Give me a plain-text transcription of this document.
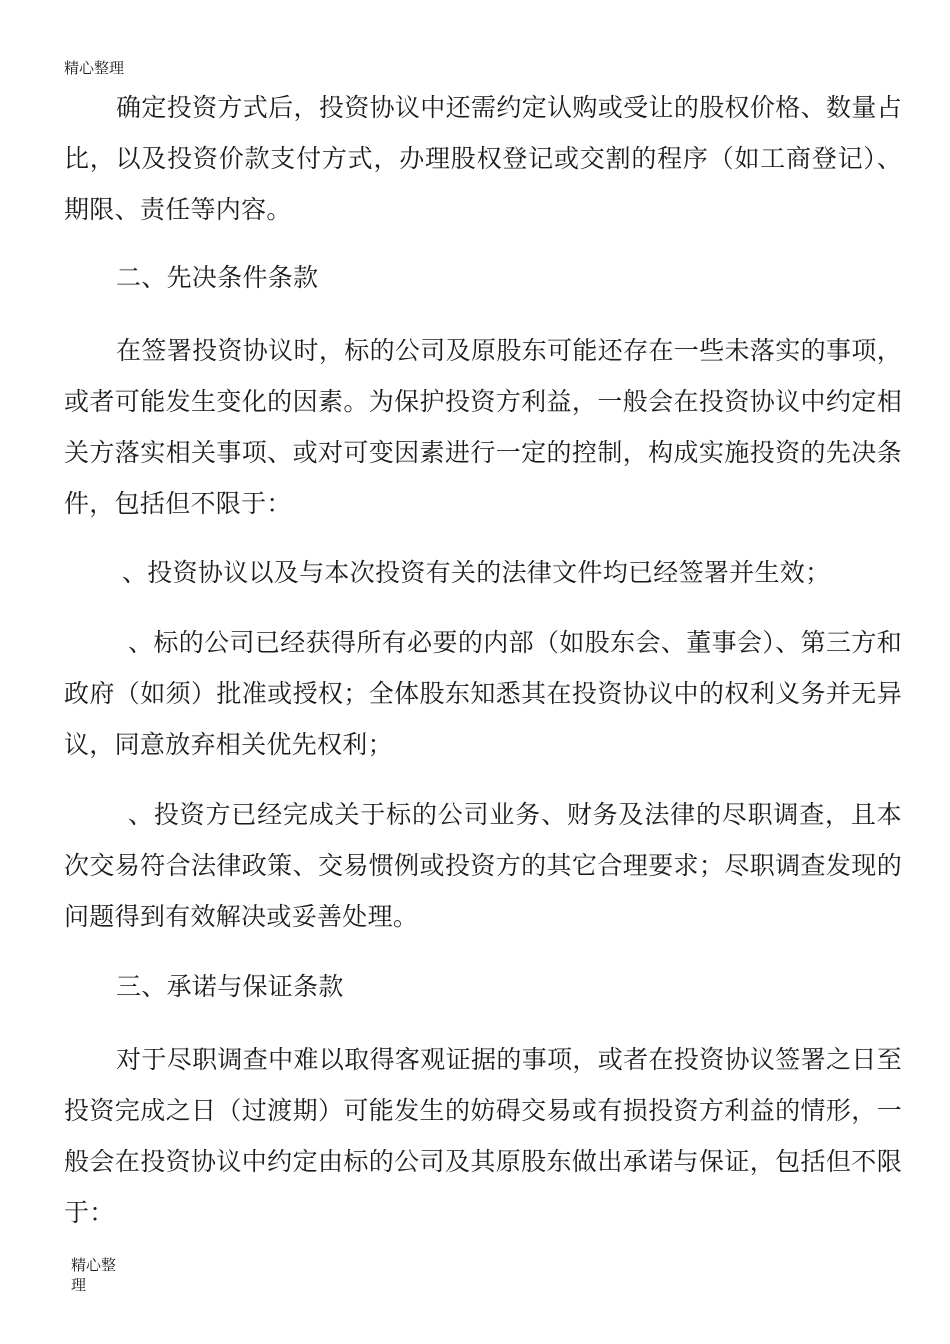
精心整理

确定投资方式后，投资协议中还需约定认购或受让的股权价格、数量占比，以及投资价款支付方式，办理股权登记或交割的程序（如工商登记）、期限、责任等内容。

二、先决条件条款

在签署投资协议时，标的公司及原股东可能还存在一些未落实的事项，或者可能发生变化的因素。为保护投资方利益，一般会在投资协议中约定相关方落实相关事项、或对可变因素进行一定的控制，构成实施投资的先决条件，包括但不限于：

、投资协议以及与本次投资有关的法律文件均已经签署并生效；

、标的公司已经获得所有必要的内部（如股东会、董事会）、第三方和政府（如须）批准或授权；全体股东知悉其在投资协议中的权利义务并无异议，同意放弃相关优先权利；

、投资方已经完成关于标的公司业务、财务及法律的尽职调查，且本次交易符合法律政策、交易惯例或投资方的其它合理要求；尽职调查发现的问题得到有效解决或妥善处理。

三、承诺与保证条款

对于尽职调查中难以取得客观证据的事项，或者在投资协议签署之日至投资完成之日（过渡期）可能发生的妨碍交易或有损投资方利益的情形，一般会在投资协议中约定由标的公司及其原股东做出承诺与保证，包括但不限于：

精心整理
